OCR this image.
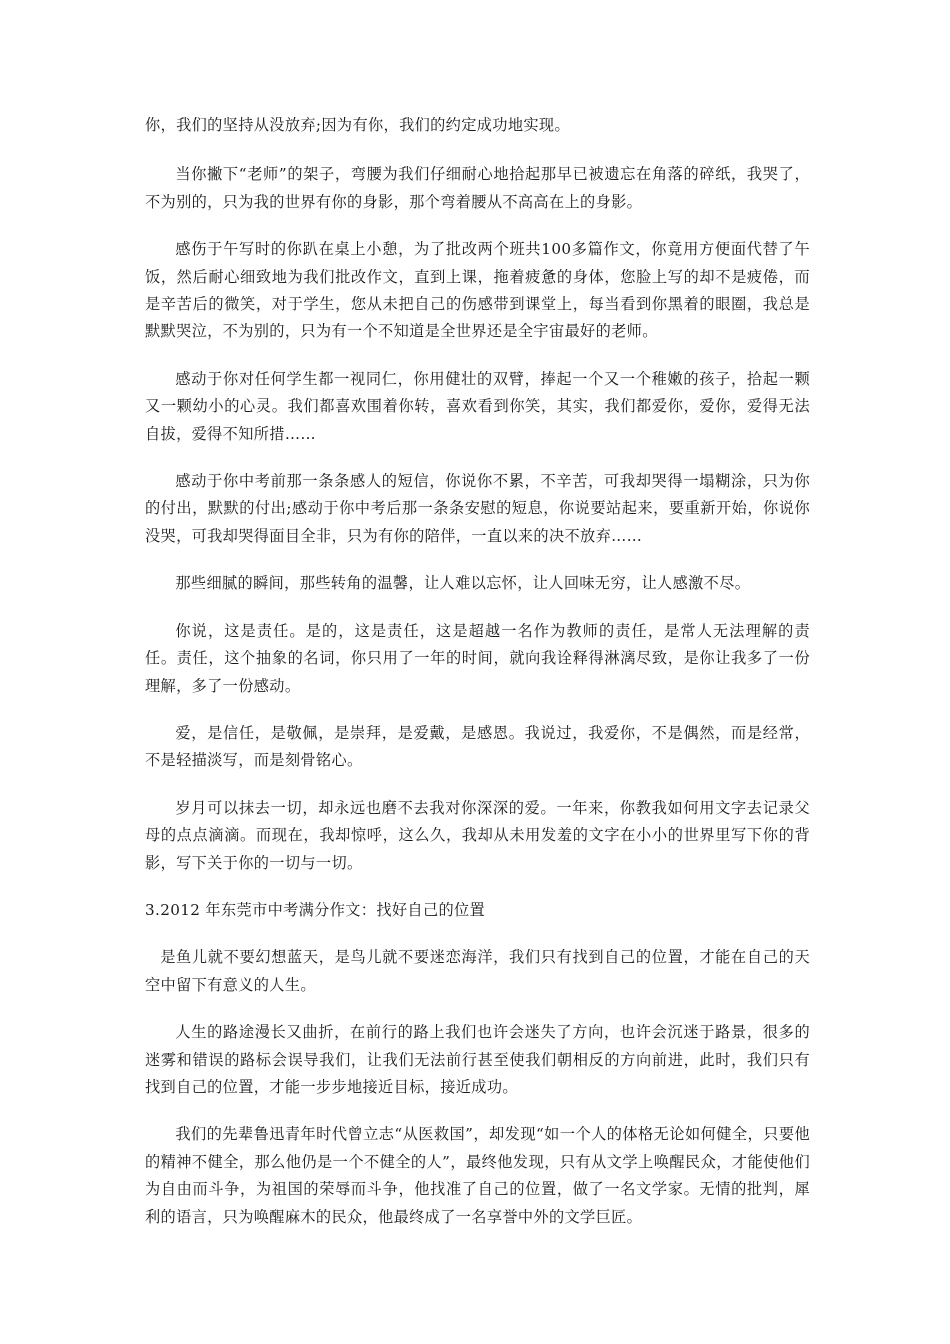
你，我们的坚持从没放弃;因为有你，我们的约定成功地实现。

当你撇下“老师”的架子，弯腰为我们仔细耐心地拾起那早已被遗忘在角落的碎纸，我哭了，不为别的，只为我的世界有你的身影，那个弯着腰从不高高在上的身影。

感伤于午写时的你趴在桌上小憩，为了批改两个班共100多篇作文，你竟用方便面代替了午饭，然后耐心细致地为我们批改作文，直到上课，拖着疲惫的身体，您脸上写的却不是疲倦，而是辛苦后的微笑，对于学生，您从未把自己的伤感带到课堂上，每当看到你黑着的眼圈，我总是默默哭泣，不为别的，只为有一个不知道是全世界还是全宇宙最好的老师。

感动于你对任何学生都一视同仁，你用健壮的双臂，捧起一个又一个稚嫩的孩子，拾起一颗又一颗幼小的心灵。我们都喜欢围着你转，喜欢看到你笑，其实，我们都爱你，爱你，爱得无法自拔，爱得不知所措……

感动于你中考前那一条条感人的短信，你说你不累，不辛苦，可我却哭得一塌糊涂，只为你的付出，默默的付出;感动于你中考后那一条条安慰的短息，你说要站起来，要重新开始，你说你没哭，可我却哭得面目全非，只为有你的陪伴，一直以来的决不放弃……

那些细腻的瞬间，那些转角的温馨，让人难以忘怀，让人回味无穷，让人感激不尽。

你说，这是责任。是的，这是责任，这是超越一名作为教师的责任，是常人无法理解的责任。责任，这个抽象的名词，你只用了一年的时间，就向我诠释得淋漓尽致，是你让我多了一份理解，多了一份感动。

爱，是信任，是敬佩，是崇拜，是爱戴，是感恩。我说过，我爱你，不是偶然，而是经常，不是轻描淡写，而是刻骨铭心。

岁月可以抹去一切，却永远也磨不去我对你深深的爱。一年来，你教我如何用文字去记录父母的点点滴滴。而现在，我却惊呼，这么久，我却从未用发羞的文字在小小的世界里写下你的背影，写下关于你的一切与一切。

3.2012 年东莞市中考满分作文：找好自己的位置

是鱼儿就不要幻想蓝天，是鸟儿就不要迷恋海洋，我们只有找到自己的位置，才能在自己的天空中留下有意义的人生。

人生的路途漫长又曲折，在前行的路上我们也许会迷失了方向，也许会沉迷于路景，很多的迷雾和错误的路标会误导我们，让我们无法前行甚至使我们朝相反的方向前进，此时，我们只有找到自己的位置，才能一步步地接近目标，接近成功。

我们的先辈鲁迅青年时代曾立志“从医救国”，却发现“如一个人的体格无论如何健全，只要他的精神不健全，那么他仍是一个不健全的人”，最终他发现，只有从文学上唤醒民众，才能使他们为自由而斗争，为祖国的荣辱而斗争，他找准了自己的位置，做了一名文学家。无情的批判，犀利的语言，只为唤醒麻木的民众，他最终成了一名享誉中外的文学巨匠。
